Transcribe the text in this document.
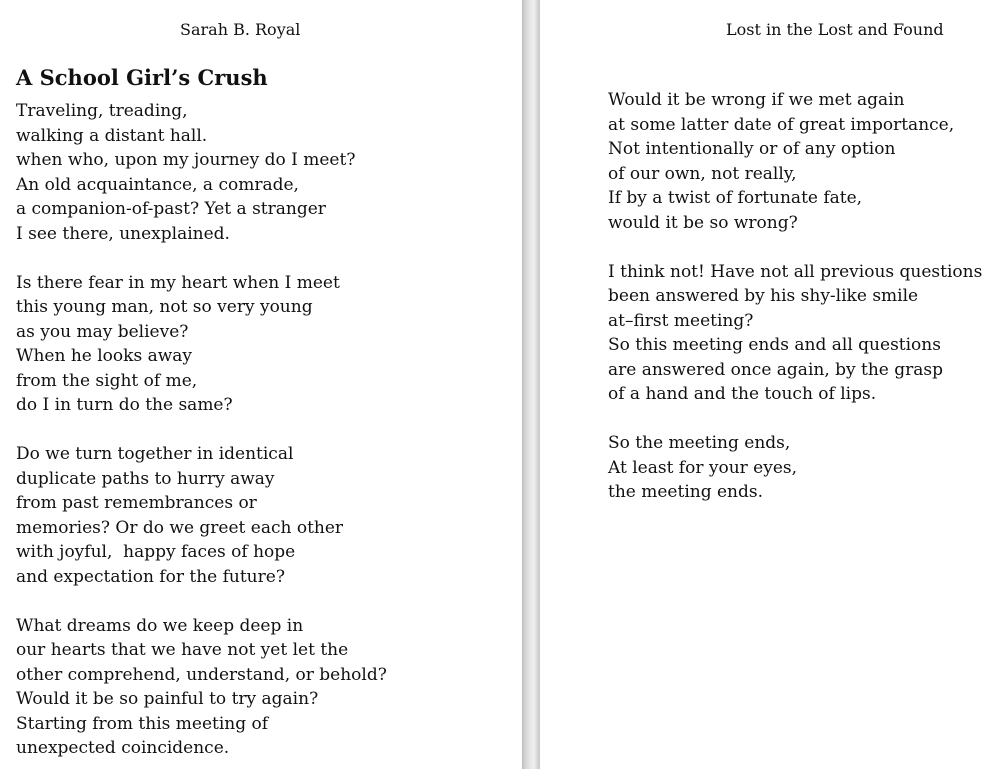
Sarah B. Royal
A School Girl’s Crush
Traveling, treading,
walking a distant hall.
when who, upon my journey do I meet?
An old acquaintance, a comrade,
a companion-of-past? Yet a stranger
I see there, unexplained.
Is there fear in my heart when I meet
this young man, not so very young
as you may believe?
When he looks away
from the sight of me,
do I in turn do the same?
Do we turn together in identical
duplicate paths to hurry away
from past remembrances or
memories? Or do we greet each other
with joyful,  happy faces of hope
and expectation for the future?
What dreams do we keep deep in
our hearts that we have not yet let the
other comprehend, understand, or behold?
Would it be so painful to try again?
Starting from this meeting of
unexpected coincidence.
Lost in the Lost and Found
Would it be wrong if we met again
at some latter date of great importance,
Not intentionally or of any option
of our own, not really,
If by a twist of fortunate fate,
would it be so wrong?
I think not! Have not all previous questions
been answered by his shy-like smile
at–first meeting?
So this meeting ends and all questions
are answered once again, by the grasp
of a hand and the touch of lips.
So the meeting ends,
At least for your eyes,
the meeting ends.
